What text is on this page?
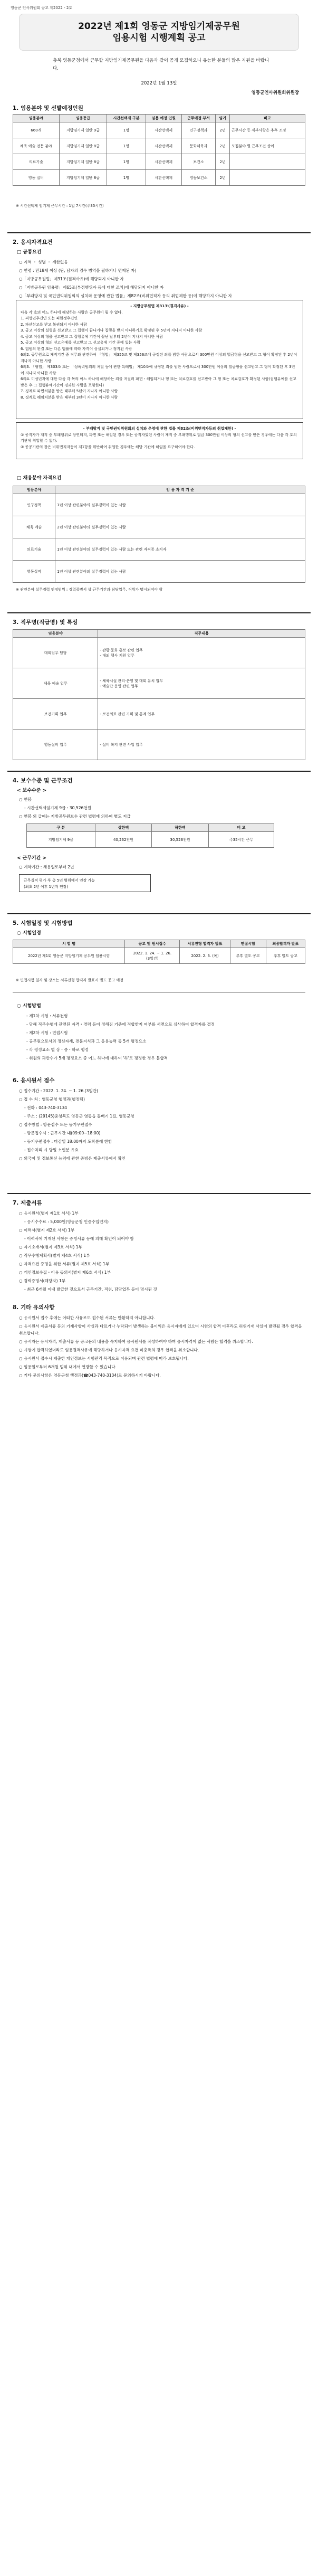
영동군 인사위원회 공고 제2022 - 2호
2022년 제1회 영동군 지방임기제공무원
임용시험 시행계획 공고
충북 영동군청에서 근무할 지방임기제공무원을 다음과 같이 공개 모집하오니 유능한 분들의 많은 지원을 바랍니다.
2022년 1월 13일
영동군인사위원회위원장
1. 임용분야 및 선발예정인원
임용분야	임용등급	시간선택제 구분	임용 예정 인원	근무예정 부서	임기	비고
660개	지방임기제 일반 9급	1명	시간선택제	인구정책과	2년	근무시간 등 세부사항은 추후 조정
체육 예술 전문 분야	지방임기제 일반 8급	1명	시간선택제	문화체육과	2년	모집분야 별 근무조건 상이
의료기술	지방임기제 일반 8급	1명	시간선택제	보건소	2년	
영동 실버	지방임기제 일반 8급	1명	시간선택제	영동보건소	2년	
※ 시간선택제 임기제 근무시간 : 1일 7시간(주35시간)
2. 응시자격요건
□ 공통요건
○ 지역 ・ 성별 ・ 제한없음
○ 연령 : 만18세 이상 (단, 남자의 경우 병역을 필하거나 면제된 자)
○「지방공무원법」제31조(결격사유)에 해당되지 아니한 자
○「지방공무원 임용령」제65조(부정행위자 등에 대한 조치)에 해당되지 아니한 자
○「부패방지 및 국민권익위원회의 설치와 운영에 관한 법률」제82조(비위면직자 등의 취업제한 등)에 해당하지 아니한 자
- 지방공무원법 제31조(결격사유) -
다음 각 호의 어느 하나에 해당하는 사람은 공무원이 될 수 없다.
1. 피성년후견인 또는 피한정후견인
2. 파산선고를 받고 복권되지 아니한 사람
3. 금고 이상의 실형을 선고받고 그 집행이 끝나거나 집행을 받지 아니하기로 확정된 후 5년이 지나지 아니한 사람
4. 금고 이상의 형을 선고받고 그 집행유예 기간이 끝난 날부터 2년이 지나지 아니한 사람
5. 금고 이상의 형의 선고유예를 선고받고 그 선고유예 기간 중에 있는 사람
6. 법원의 판결 또는 다른 법률에 따라 자격이 상실되거나 정지된 사람
6의2. 공무원으로 재직기간 중 직무와 관련하여 「형법」 제355조 및 제356조에 규정된 죄를 범한 사람으로서 300만원 이상의 벌금형을 선고받고 그 형이 확정된 후 2년이 지나지 아니한 사람
6의3. 「형법」 제303조 또는 「성폭력범죄의 처벌 등에 관한 특례법」 제10조에 규정된 죄를 범한 사람으로서 300만원 이상의 벌금형을 선고받고 그 형이 확정된 후 3년이 지나지 아니한 사람
6의4. 미성년자에 대한 다음 각 목의 어느 하나에 해당하는 죄를 저질러 파면・해임되거나 형 또는 치료감호를 선고받아 그 형 또는 치료감호가 확정된 사람(집행유예를 선고받은 후 그 집행유예기간이 경과한 사람을 포함한다)
7. 징계로 파면처분을 받은 때부터 5년이 지나지 아니한 사람
8. 징계로 해임처분을 받은 때부터 3년이 지나지 아니한 사람
- 부패방지 및 국민권익위원회의 설치와 운영에 관한 법률 제82조(비위면직자등의 취업제한) -
① 공직자가 재직 중 부패행위로 당연퇴직, 파면 또는 해임된 경우 또는 공직자였던 사람이 재직 중 부패행위로 벌금 300만원 이상의 형의 선고를 받은 경우에는 다음 각 호의 기관에 취업할 수 없다.
② 공공기관의 장은 비위면직자등이 제1항을 위반하여 취업한 경우에는 해당 기관에 해임을 요구하여야 한다.
□ 채용분야 자격요건
임용분야	임 용 자 격 기 준
인구정책	1년 이상 관련분야의 실무경력이 있는 사람
체육 예술	2년 이상 관련분야의 실무경력이 있는 사람
의료기술	1년 이상 관련분야의 실무경력이 있는 사람 또는 관련 자격증 소지자
영동실버	1년 이상 관련분야의 실무경력이 있는 사람
※ 관련분야 실무경력 인정범위 : 경력증명서 상 근무기간과 담당업무, 직위가 명시되어야 함
3. 직무명(직급명) 및 특성
임용분야	직무내용
대외업무 담당	- 관광·문화 홍보 관련 업무
- 대외 행사 지원 업무
체육 예술 업무	- 체육시설 관리·운영 및 대회 유치 업무
- 예술단 운영 관련 업무
보건기획 업무	- 보건의료 관련 기획 및 통계 업무
영동실버 업무	- 실버 복지 관련 사업 업무
4. 보수수준 및 근무조건
< 보수수준 >
○ 연봉
- 시간선택제임기제 9급 : 30,526천원
○ 연봉 외 급여는 지방공무원보수 관련 법령에 의하여 별도 지급
구 분	상한액	하한액	비 고
지방임기제 9급	40,262천원	30,526천원	주35시간 근무
< 근무기간 >
○ 계약기간 : 채용일로부터 2년
근무실적 평가 후 총 5년 범위에서 연장 가능
(최초 2년 이후 1년씩 연장)
5. 시험일정 및 시험방법
○ 시험일정
시 험 명	공고 및 원서접수	서류전형 합격자 발표	면접시험	최종합격자 발표
2022년 제1회 영동군 지방임기제 공무원 임용시험	2022. 1. 24. ~ 1. 26.
(3일간)	2022. 2. 3. (목)	추후 별도 공고	추후 별도 공고
※ 면접시험 일자 및 장소는 서류전형 합격자 발표시 별도 공고 예정
○ 시험방법
- 제1차 시험 : 서류전형
- 당해 직무수행에 관련된 자격・경력 등이 정해진 기준에 적합한지 여부를 서면으로 심사하여 합격자를 결정
- 제2차 시험 : 면접시험
- 공무원으로서의 정신자세, 전문지식과 그 응용능력 등 5개 평정요소
- 각 평정요소 별 상・중・하로 평정
- 위원의 과반수가 5개 평정요소 중 어느 하나에 대하여 '하'로 평정한 경우 불합격
6. 응시원서 접수
○ 접수기간 : 2022. 1. 24. ~ 1. 26.(3일간)
○ 접 수 처 : 영동군청 행정과(행정팀)
- 전화 : 043-740-3134
- 주소 : (29145)충청북도 영동군 영동읍 돌배기 1길, 영동군청
○ 접수방법 : 방문접수 또는 등기우편접수
- 방문접수시 : 근무시간 내(09:00~18:00)
- 등기우편접수 : 마감일 18:00까지 도착분에 한함
- 접수처리 시 당일 소인분 유효
○ 외국어 및 정보통신 능력에 관한 증빙은 제출서류에서 확인
7. 제출서류
○ 응시원서(별지 제1호 서식) 1부
- 응시수수료 : 5,000원(영동군청 인증수입인지)
○ 이력서(별지 제2호 서식) 1부
- 이력서에 기재된 사항은 증빙서류 등에 의해 확인이 되어야 함
○ 자기소개서(별지 제3호 서식) 1부
○ 직무수행계획서(별지 제4호 서식) 1부
○ 자격요건 증명을 위한 서류(별지 제5호 서식) 1부
○ 개인정보수집・이용 동의서(별지 제6호 서식) 1부
○ 경력증명서(해당자) 1부
- 최근 6개월 이내 발급한 것으로서 근무기간, 직위, 담당업무 등이 명시된 것
8. 기타 유의사항
○ 응시원서 접수 후에는 어떠한 사유로도 접수된 서류는 반환하지 아니합니다.
○ 응시원서 제출서류 등의 기재사항이 사실과 다르거나 누락되어 발생하는 불이익은 응시자에게 있으며 시험의 합격 이후라도 허위기재 사실이 발견될 경우 합격을 취소합니다.
○ 응시자는 응시자격, 제출서류 등 공고문의 내용을 숙지하여 응시원서를 작성하여야 하며 응시자격이 없는 사람은 합격을 취소합니다.
○ 시험에 합격하였더라도 임용결격사유에 해당하거나 응시자격 요건 미충족의 경우 합격을 취소합니다.
○ 응시원서 접수시 제출한 개인정보는 시험관리 목적으로 이용되며 관련 법령에 따라 보호됩니다.
○ 임용일로부터 6개월 범위 내에서 연장할 수 있습니다.
○ 기타 문의사항은 영동군청 행정과(☎043-740-3134)로 문의하시기 바랍니다.
